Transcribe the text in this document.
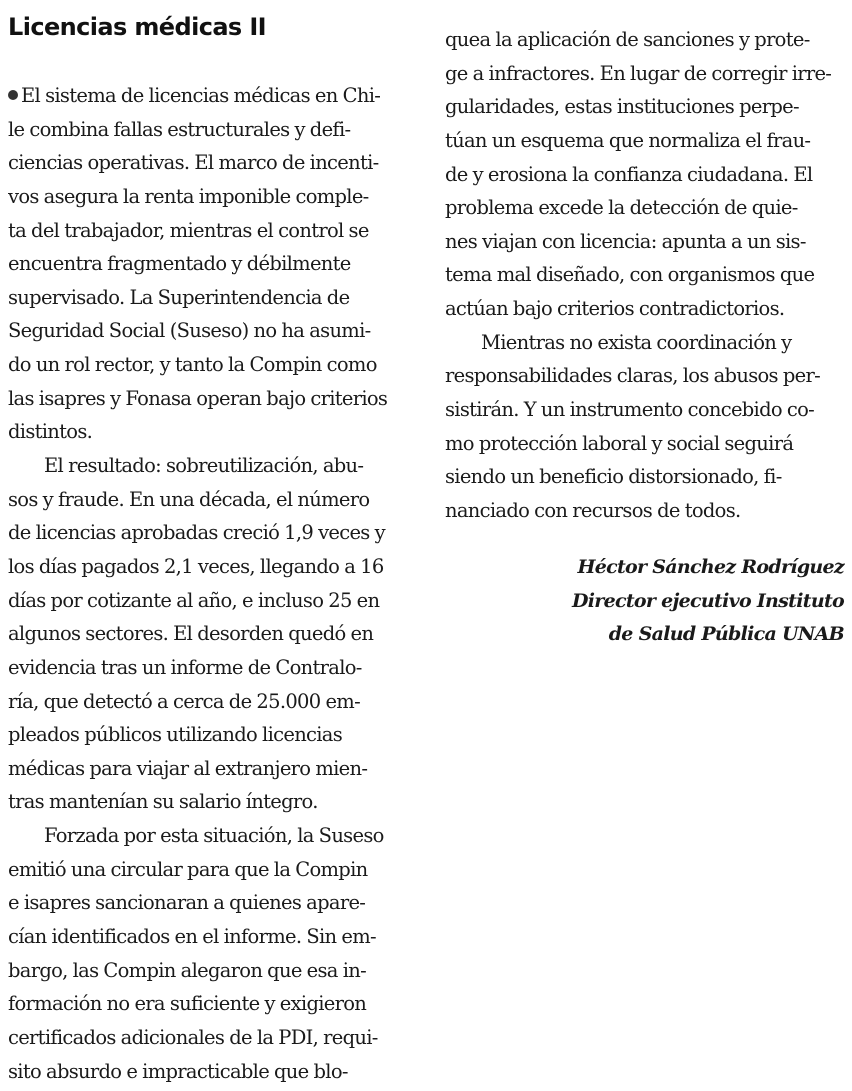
Licencias médicas II
El sistema de licencias médicas en Chi-
le combina fallas estructurales y defi-
ciencias operativas. El marco de incenti-
vos asegura la renta imponible comple-
ta del trabajador, mientras el control se
encuentra fragmentado y débilmente
supervisado. La Superintendencia de
Seguridad Social (Suseso) no ha asumi-
do un rol rector, y tanto la Compin como
las isapres y Fonasa operan bajo criterios
distintos.
El resultado: sobreutilización, abu-
sos y fraude. En una década, el número
de licencias aprobadas creció 1,9 veces y
los días pagados 2,1 veces, llegando a 16
días por cotizante al año, e incluso 25 en
algunos sectores. El desorden quedó en
evidencia tras un informe de Contralo-
ría, que detectó a cerca de 25.000 em-
pleados públicos utilizando licencias
médicas para viajar al extranjero mien-
tras mantenían su salario íntegro.
Forzada por esta situación, la Suseso
emitió una circular para que la Compin
e isapres sancionaran a quienes apare-
cían identificados en el informe. Sin em-
bargo, las Compin alegaron que esa in-
formación no era suficiente y exigieron
certificados adicionales de la PDI, requi-
sito absurdo e impracticable que blo-
quea la aplicación de sanciones y prote-
ge a infractores. En lugar de corregir irre-
gularidades, estas instituciones perpe-
túan un esquema que normaliza el frau-
de y erosiona la confianza ciudadana. El
problema excede la detección de quie-
nes viajan con licencia: apunta a un sis-
tema mal diseñado, con organismos que
actúan bajo criterios contradictorios.
Mientras no exista coordinación y
responsabilidades claras, los abusos per-
sistirán. Y un instrumento concebido co-
mo protección laboral y social seguirá
siendo un beneficio distorsionado, fi-
nanciado con recursos de todos.
Héctor Sánchez Rodríguez
Director ejecutivo Instituto
de Salud Pública UNAB
